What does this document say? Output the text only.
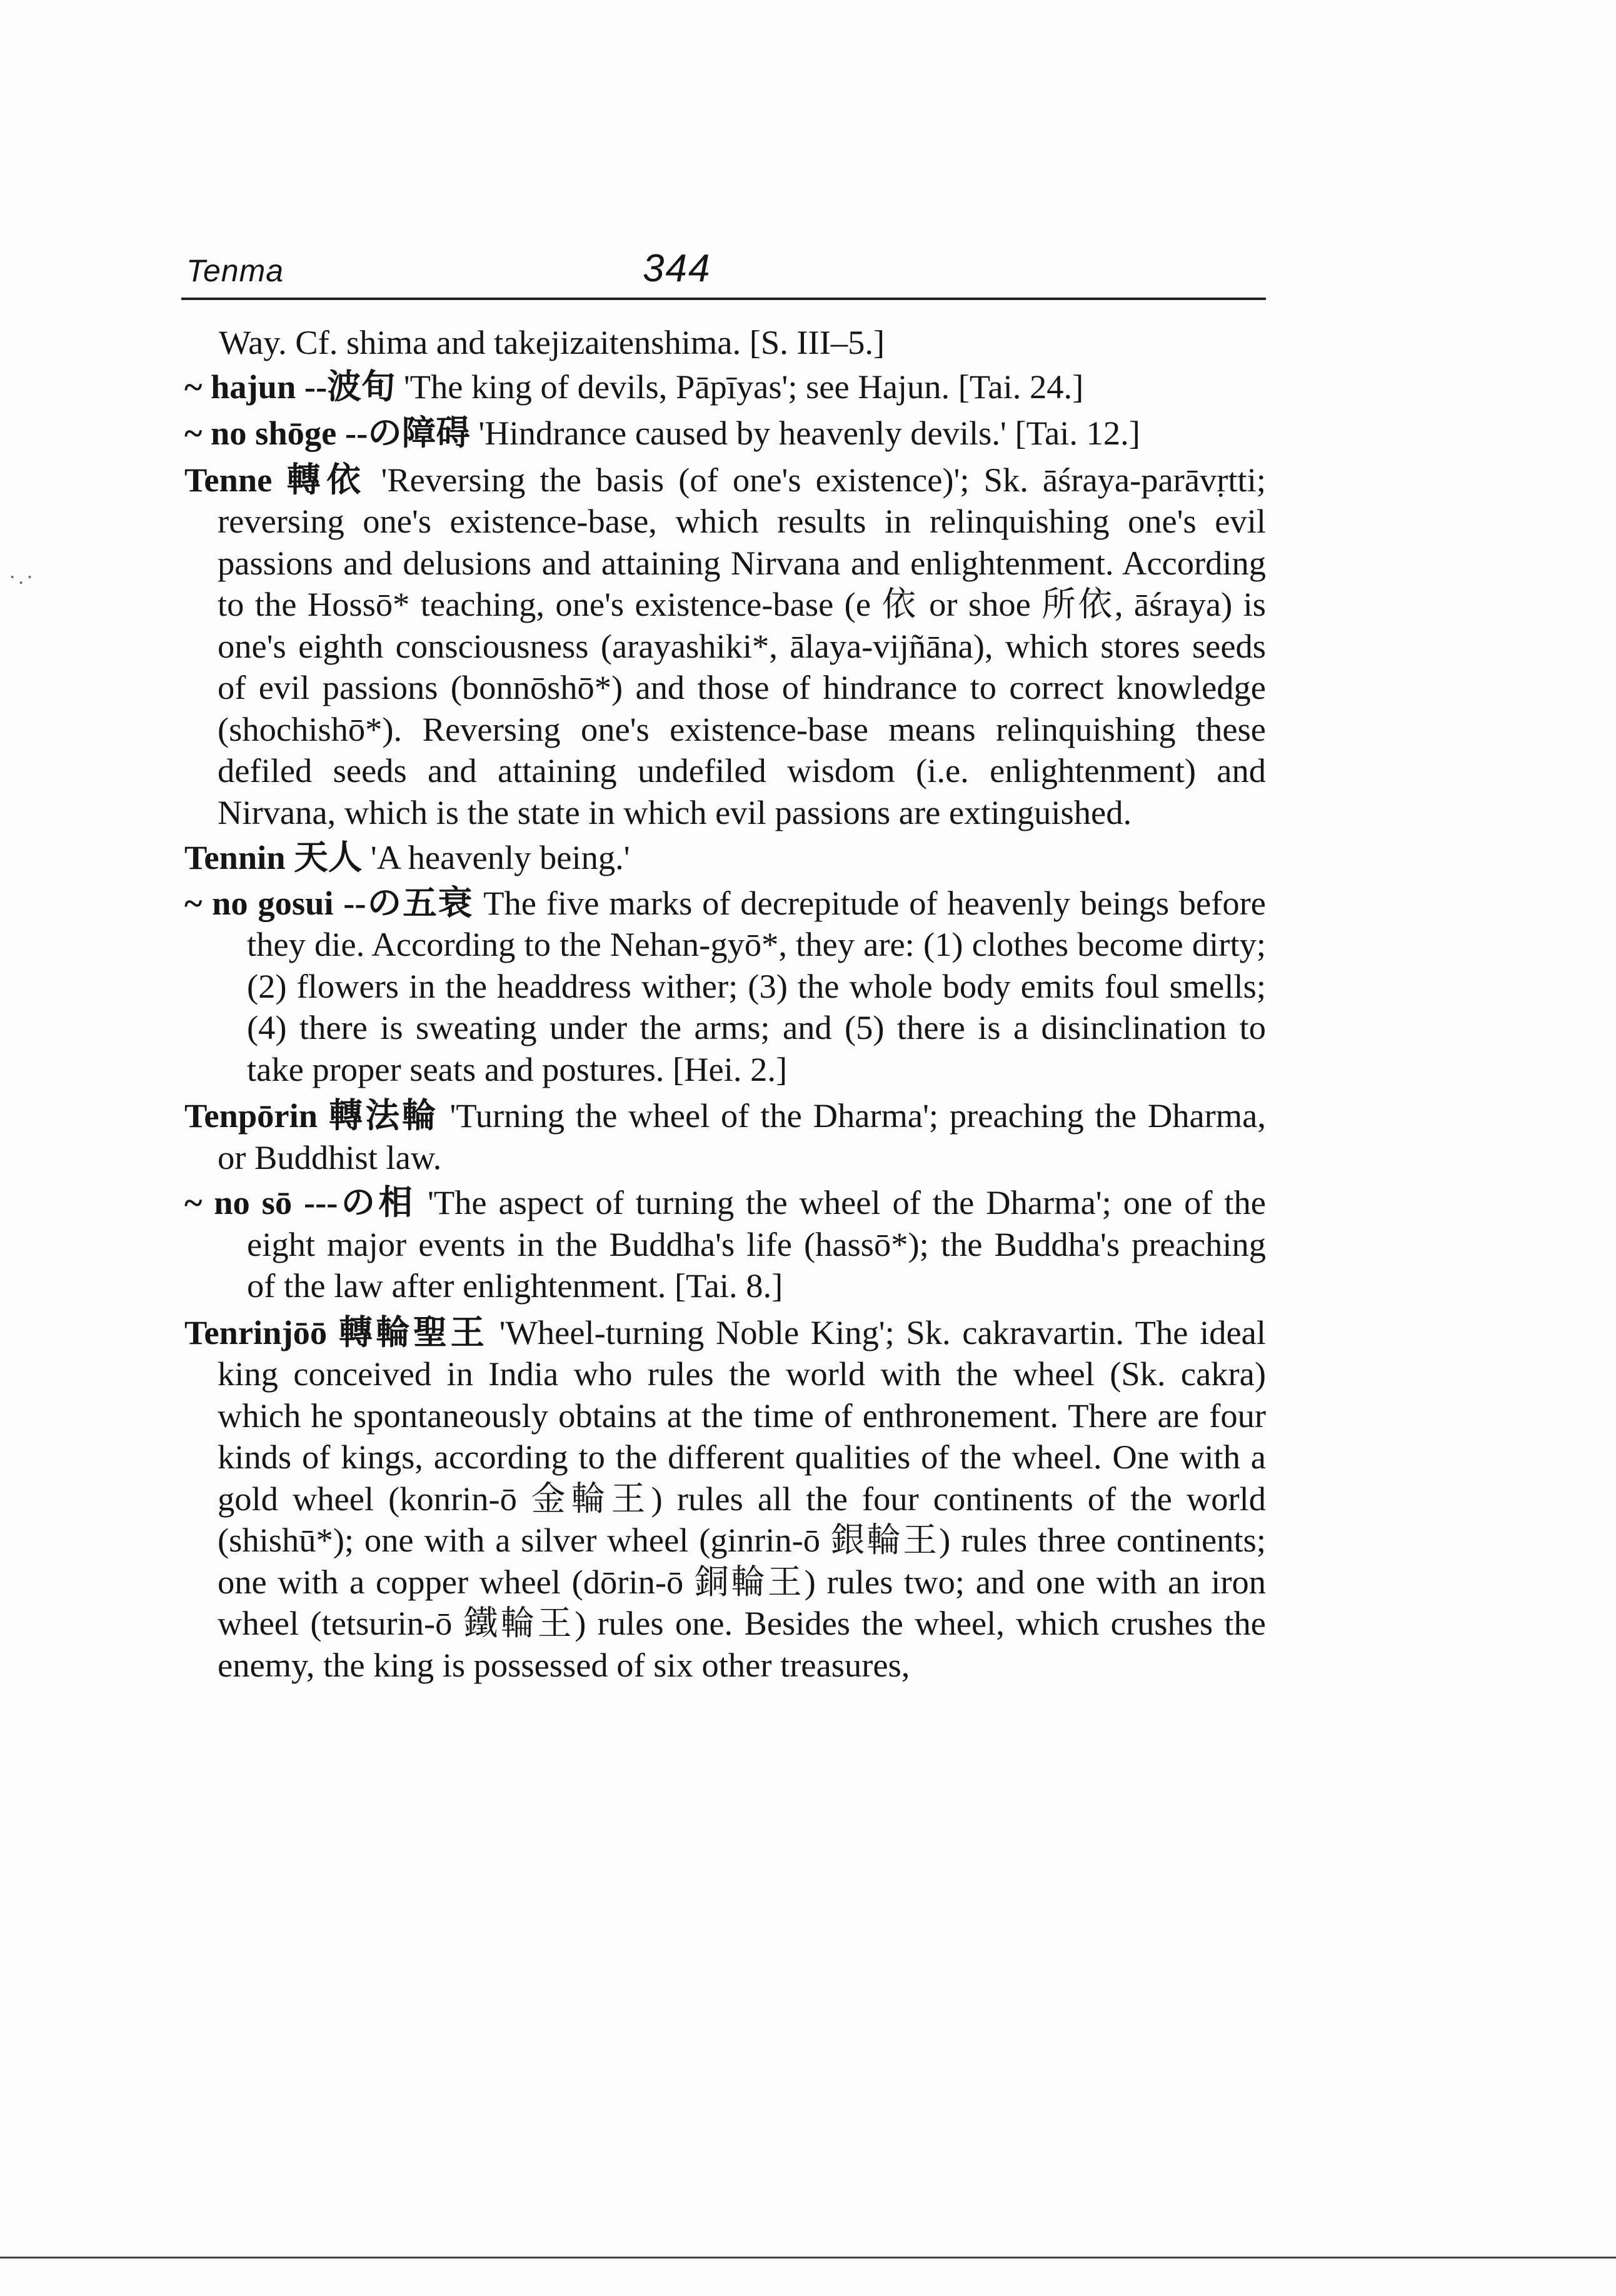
Tenma	344
·.·
Way. Cf. shima and takejizaitenshima. [S. III–5.]
~ hajun --波旬 'The king of devils, Pāpīyas'; see Hajun. [Tai. 24.]
~ no shōge --の障碍 'Hindrance caused by heavenly devils.' [Tai. 12.]
Tenne 轉依 'Reversing the basis (of one's existence)'; Sk. āśraya-parāvṛtti; reversing one's existence-base, which results in relinquishing one's evil passions and delusions and attaining Nirvana and enlightenment. According to the Hossō* teaching, one's existence-base (e 依 or shoe 所依, āśraya) is one's eighth consciousness (arayashiki*, ālaya-vijñāna), which stores seeds of evil passions (bonnōshō*) and those of hindrance to correct knowledge (shochishō*). Reversing one's existence-base means relinquishing these defiled seeds and attaining undefiled wisdom (i.e. enlightenment) and Nirvana, which is the state in which evil passions are extinguished.
Tennin 天人 'A heavenly being.'
~ no gosui --の五衰 The five marks of decrepitude of heavenly beings before they die. According to the Nehan-gyō*, they are: (1) clothes become dirty; (2) flowers in the headdress wither; (3) the whole body emits foul smells; (4) there is sweating under the arms; and (5) there is a disinclination to take proper seats and postures. [Hei. 2.]
Tenpōrin 轉法輪 'Turning the wheel of the Dharma'; preaching the Dharma, or Buddhist law.
~ no sō ---の相 'The aspect of turning the wheel of the Dharma'; one of the eight major events in the Buddha's life (hassō*); the Buddha's preaching of the law after enlightenment. [Tai. 8.]
Tenrinjōō 轉輪聖王 'Wheel-turning Noble King'; Sk. cakravartin. The ideal king conceived in India who rules the world with the wheel (Sk. cakra) which he spontaneously obtains at the time of enthronement. There are four kinds of kings, according to the different qualities of the wheel. One with a gold wheel (konrin-ō 金輪王) rules all the four continents of the world (shishū*); one with a silver wheel (ginrin-ō 銀輪王) rules three continents; one with a copper wheel (dōrin-ō 銅輪王) rules two; and one with an iron wheel (tetsurin-ō 鐵輪王) rules one. Besides the wheel, which crushes the enemy, the king is possessed of six other treasures,
